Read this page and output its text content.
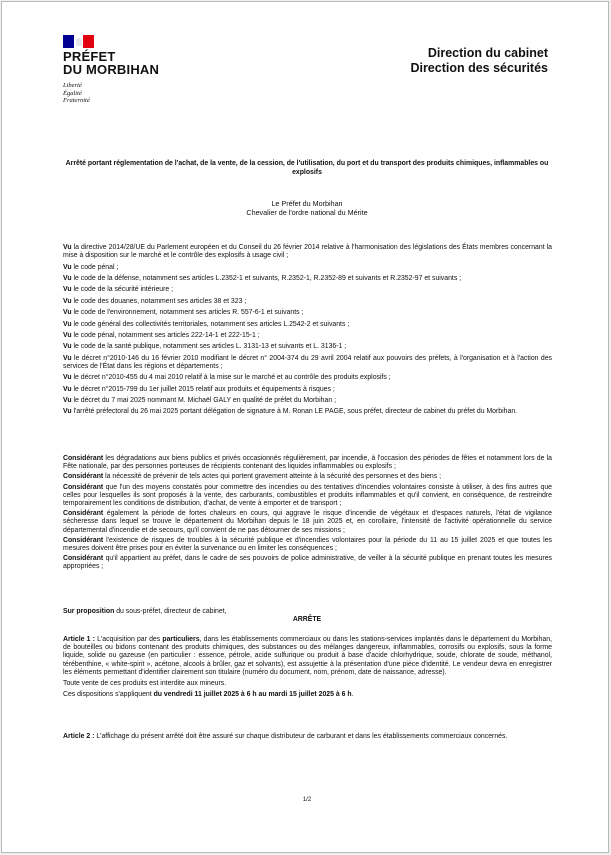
PRÉFET
DU MORBIHAN
Liberté
Égalité
Fraternité
Direction du cabinet
Direction des sécurités
Arrêté portant réglementation de l'achat, de la vente, de la cession, de l'utilisation, du port et du transport des produits chimiques, inflammables ou explosifs
Le Préfet du Morbihan
Chevalier de l'ordre national du Mérite

Vu la directive 2014/28/UE du Parlement européen et du Conseil du 26 février 2014 relative à l'harmonisation des législations des États membres concernant la mise à disposition sur le marché et le contrôle des explosifs à usage civil ;

Vu le code pénal ;

Vu le code de la défense, notamment ses articles L.2352-1 et suivants, R.2352-1, R.2352-89 et suivants et R.2352-97 et suivants ;

Vu le code de la sécurité intérieure ;

Vu le code des douanes, notamment ses articles 38 et 323 ;

Vu le code de l'environnement, notamment ses articles R. 557-6-1 et suivants ;

Vu le code général des collectivités territoriales, notamment ses articles L.2542-2 et suivants ;

Vu le code pénal, notamment ses articles 222-14-1 et 222-15-1 ;

Vu le code de la santé publique, notamment ses articles L. 3131-13 et suivants et L. 3136-1 ;

Vu le décret n°2010-146 du 16 février 2010 modifiant le décret n° 2004-374 du 29 avril 2004 relatif aux pouvoirs des préfets, à l'organisation et à l'action des services de l'État dans les régions et départements ;

Vu le décret n°2010-455 du 4 mai 2010 relatif à la mise sur le marché et au contrôle des produits explosifs ;

Vu le décret n°2015-799 du 1er juillet 2015 relatif aux produits et équipements à risques ;

Vu le décret du 7 mai 2025 nommant M. Michaël GALY en qualité de préfet du Morbihan ;

Vu l'arrêté préfectoral du 26 mai 2025 portant délégation de signature à M. Ronan LE PAGE, sous préfet, directeur de cabinet du préfet du Morbihan.

Considérant les dégradations aux biens publics et privés occasionnés régulièrement, par incendie, à l'occasion des périodes de fêtes et notamment lors de la Fête nationale, par des personnes porteuses de récipients contenant des liquides inflammables ou explosifs ;

Considérant la nécessité de prévenir de tels actes qui portent gravement atteinte à la sécurité des personnes et des biens ;

Considérant que l'un des moyens constatés pour commettre des incendies ou des tentatives d'incendies volontaires consiste à utiliser, à des fins autres que celles pour lesquelles ils sont proposés à la vente, des carburants, combustibles et produits inflammables et qu'il convient, en conséquence, de restreindre temporairement les conditions de distribution, d'achat, de vente à emporter et de transport ;

Considérant également la période de fortes chaleurs en cours, qui aggrave le risque d'incendie de végétaux et d'espaces naturels, l'état de vigilance sécheresse dans lequel se trouve le département du Morbihan depuis le 18 juin 2025 et, en corollaire, l'intensité de l'activité opérationnelle du service départemental d'incendie et de secours, qu'il convient de ne pas détourner de ses missions ;

Considérant l'existence de risques de troubles à la sécurité publique et d'incendies volontaires pour la période du 11 au 15 juillet 2025 et que toutes les mesures doivent être prises pour en éviter la survenance ou en limiter les conséquences ;

Considérant qu'il appartient au préfet, dans le cadre de ses pouvoirs de police administrative, de veiller à la sécurité publique en prenant toutes les mesures appropriées ;

Sur proposition du sous-préfet, directeur de cabinet,
ARRÊTE

Article 1 : L'acquisition par des particuliers, dans les établissements commerciaux ou dans les stations-services implantés dans le département du Morbihan, de bouteilles ou bidons contenant des produits chimiques, des substances ou des mélanges dangereux, inflammables, corrosifs ou explosifs, sous la forme liquide, solide ou gazeuse (en particulier : essence, pétrole, acide sulfurique ou produit à base d'acide chlorhydrique, soude, chlorate de soude, méthanol, térébenthine, « white-spirit », acétone, alcools à brûler, gaz et solvants), est assujettie à la présentation d'une pièce d'identité. Le vendeur devra en enregistrer les éléments permettant d'identifier clairement son titulaire (numéro du document, nom, prénom, date de naissance, adresse).

Toute vente de ces produits est interdite aux mineurs.

Ces dispositions s'appliquent du vendredi 11 juillet 2025 à 6 h au mardi 15 juillet 2025 à 6 h.

Article 2 : L'affichage du présent arrêté doit être assuré sur chaque distributeur de carburant et dans les établissements commerciaux concernés.
1/2
